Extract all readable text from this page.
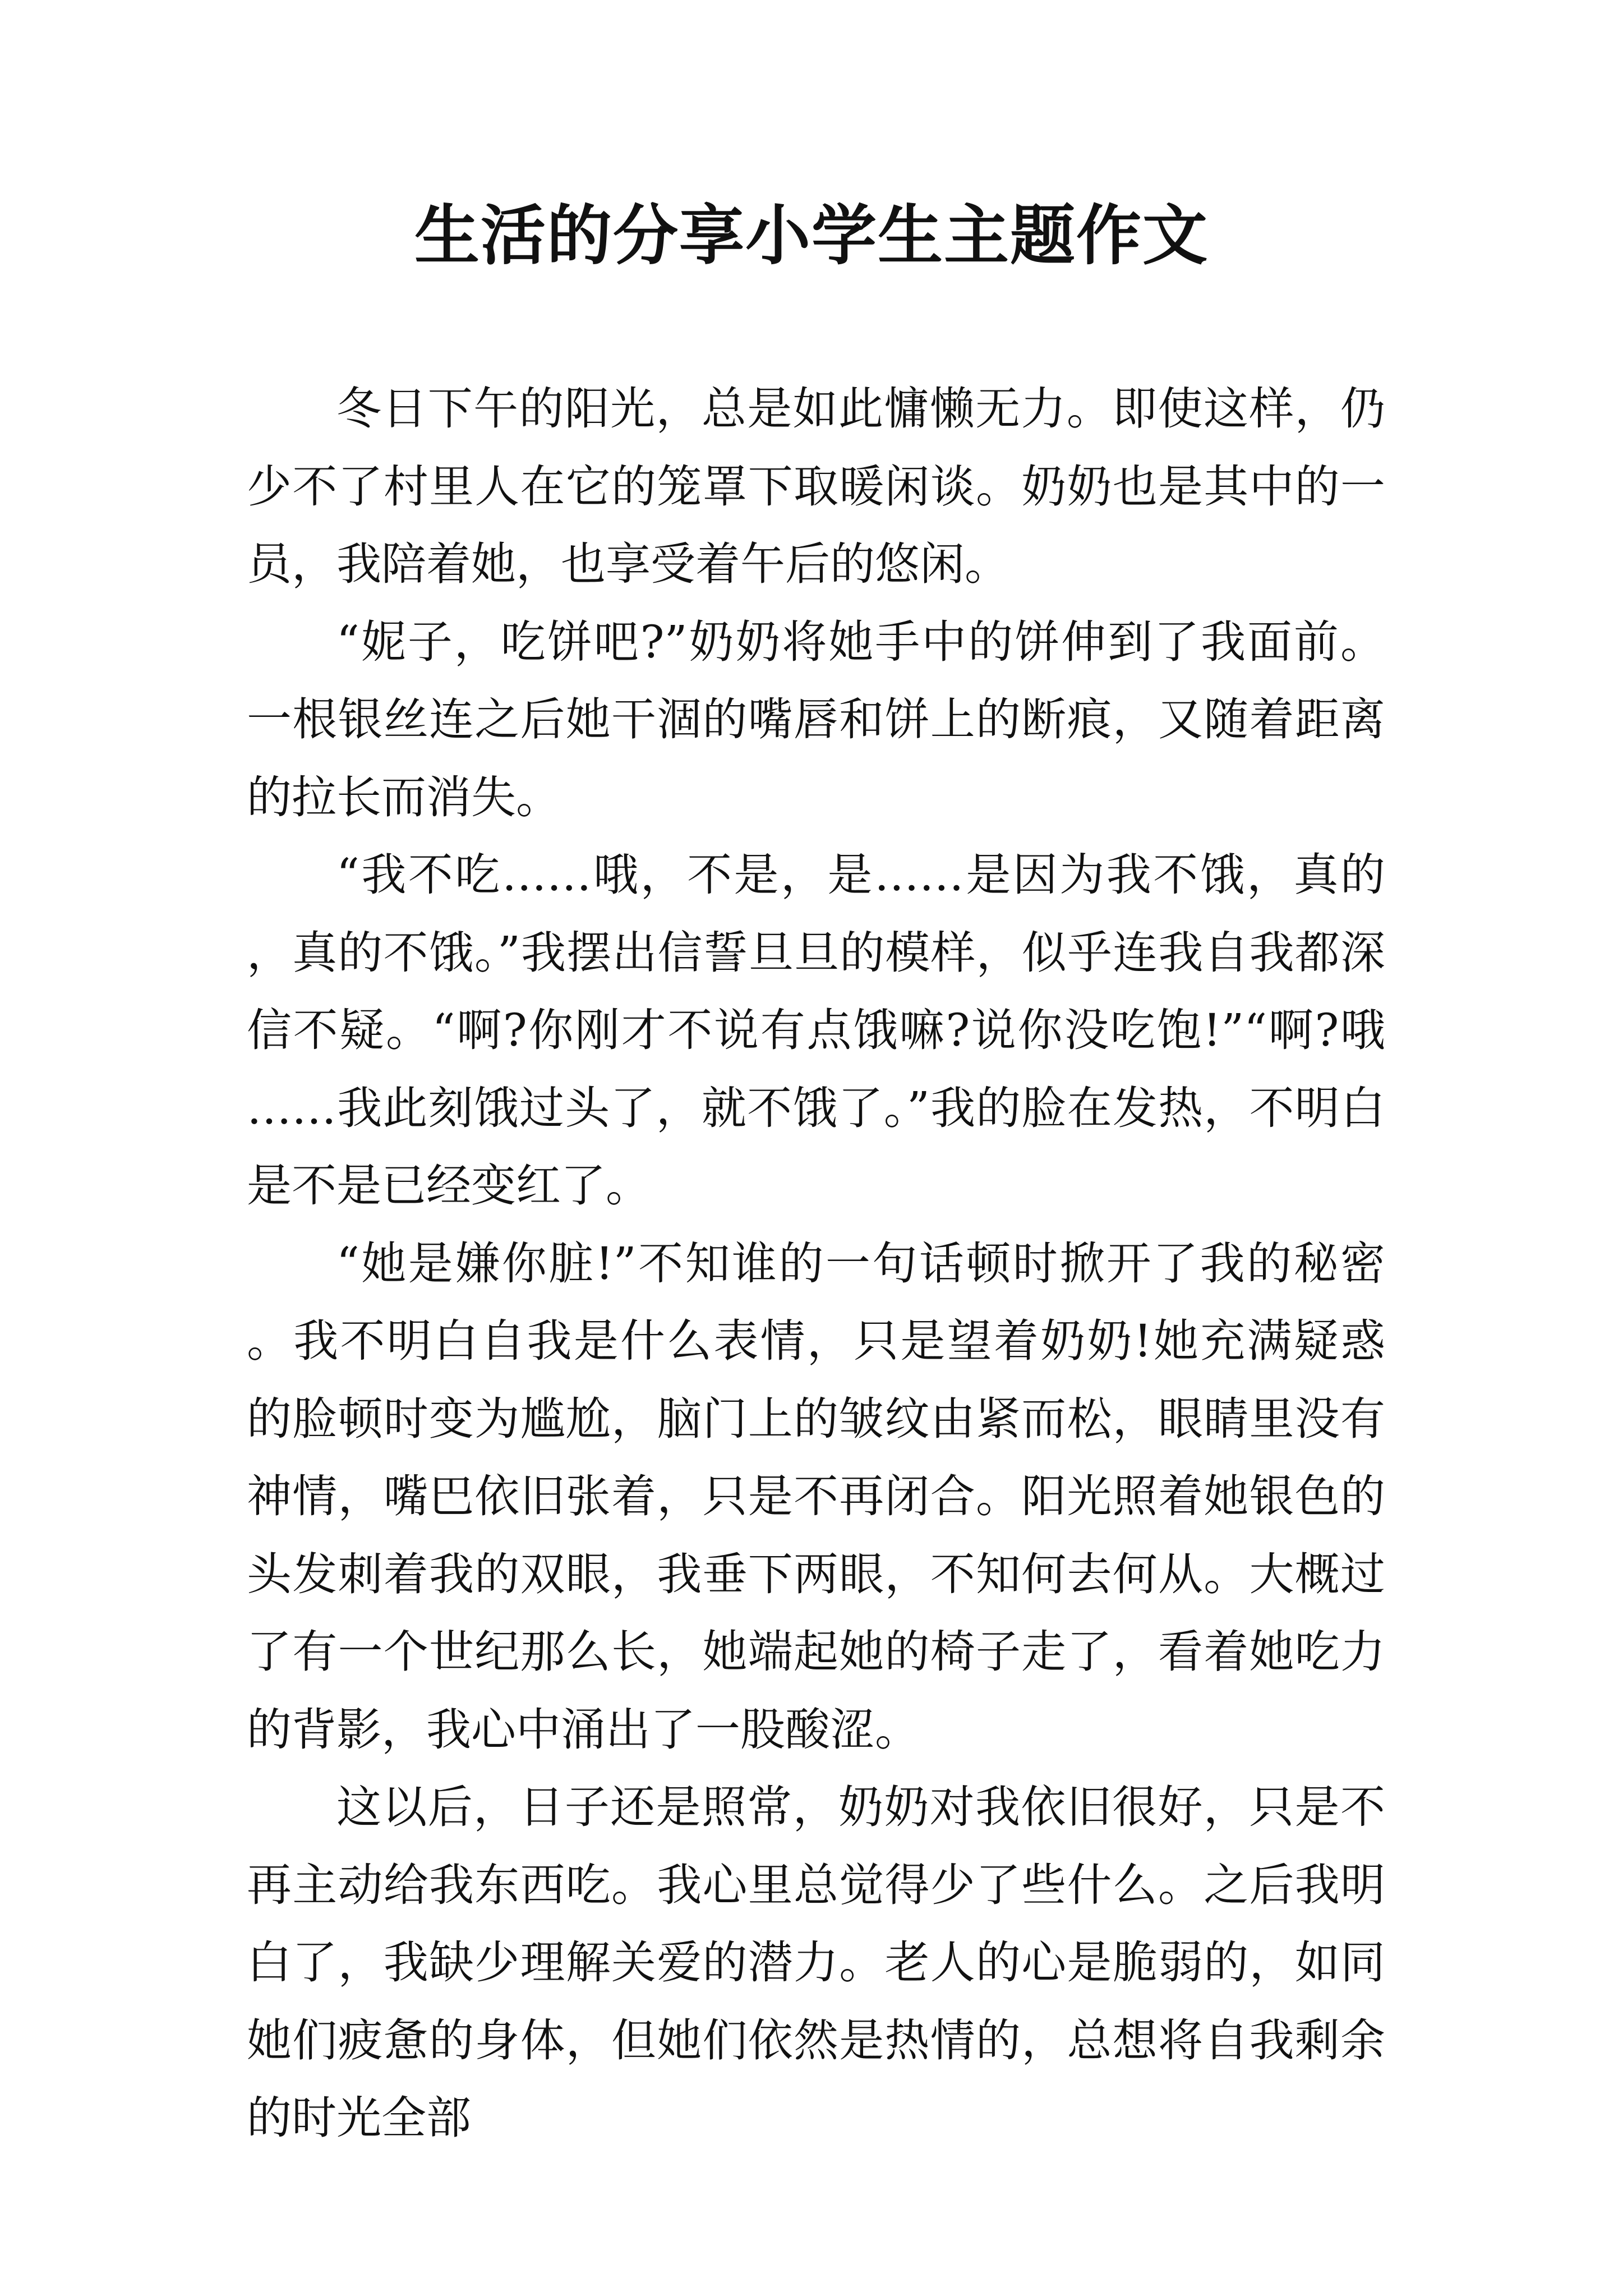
生活的分享小学生主题作文

冬日下午的阳光，总是如此慵懒无力。即使这样，仍少不了村里人在它的笼罩下取暖闲谈。奶奶也是其中的一员，我陪着她，也享受着午后的悠闲。

“妮子，吃饼吧?”奶奶将她手中的饼伸到了我面前。一根银丝连之后她干涸的嘴唇和饼上的断痕，又随着距离的拉长而消失。

“我不吃……哦，不是，是……是因为我不饿，真的，真的不饿。”我摆出信誓旦旦的模样，似乎连我自我都深信不疑。“啊?你刚才不说有点饿嘛?说你没吃饱!”“啊?哦……我此刻饿过头了，就不饿了。”我的脸在发热，不明白是不是已经变红了。

“她是嫌你脏!”不知谁的一句话顿时掀开了我的秘密。我不明白自我是什么表情，只是望着奶奶!她充满疑惑的脸顿时变为尴尬，脑门上的皱纹由紧而松，眼睛里没有神情，嘴巴依旧张着，只是不再闭合。阳光照着她银色的头发刺着我的双眼，我垂下两眼，不知何去何从。大概过了有一个世纪那么长，她端起她的椅子走了，看着她吃力的背影，我心中涌出了一股酸涩。

这以后，日子还是照常，奶奶对我依旧很好，只是不再主动给我东西吃。我心里总觉得少了些什么。之后我明白了，我缺少理解关爱的潜力。老人的心是脆弱的，如同她们疲惫的身体，但她们依然是热情的，总想将自我剩余的时光全部
